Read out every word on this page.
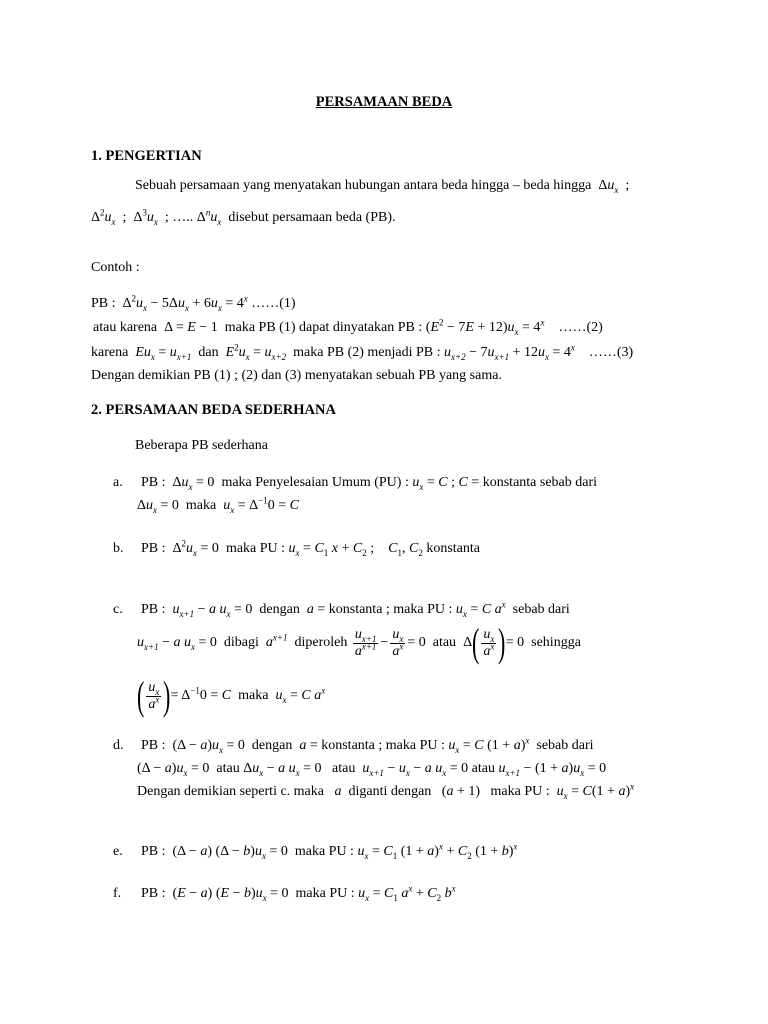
PERSAMAAN BEDA
1. PENGERTIAN
Sebuah persamaan yang menyatakan hubungan antara beda hingga – beda hingga  $\Delta u_x$  ;
$\Delta^2u_x$  ;  $\Delta^3u_x$  ; ….. $\Delta^nu_x$ disebut persamaan beda (PB).
Contoh :
PB :  $\Delta^2u_x - 5\Delta u_x + 6u_x = 4^x$ ……(1)
atau karena  Δ = E − 1  maka PB (1) dapat dinyatakan PB : $(E^2 - 7E + 12)u_x = 4^x$ ……(2)
karena $Eu_x = u_{x+1}$ dan $E^2u_x = u_{x+2}$ maka PB (2) menjadi PB : $u_{x+2} - 7u_{x+1} + 12u_x = 4^x$ ……(3)
Dengan demikian PB (1) ; (2) dan (3) menyatakan sebuah PB yang sama.
2. PERSAMAAN BEDA SEDERHANA
Beberapa PB sederhana
a. PB :  $\Delta u_x = 0$  maka Penyelesaian Umum (PU) : $u_x = C$ ; C = konstanta sebab dari
$\Delta u_x = 0$  maka $u_x = \Delta^{-1}0 = C$
b. PB :  $\Delta^2u_x = 0$  maka PU : $u_x = C_1$ $x + C_2$ ;    $C_1$, $C_2$ konstanta
c. PB : $u_{x+1} - a$ $u_x = 0$  dengan a = konstanta ; maka PU : $u_x = C$ $a^x$ sebab dari
$u_{x+1} - a$ $u_x = 0$  dibagi $a^{x+1}$ diperoleh $\frac{u_{x+1}}{a^{x+1}} - \frac{u_x}{a^x} = 0$  atau  $\Delta( \frac{u_x}{a^x}$ )= 0  sehingga
( $\frac{u_x}{a^x}$ )= $\Delta^{-1}0 = C$ maka $u_x = C$ $a^x$
d. PB :  $(\Delta - a)u_x = 0$  dengan a = konstanta ; maka PU : $u_x = C$ $(1 + a)^x$ sebab dari
$(\Delta - a)u_x = 0$  atau $\Delta u_x - a$ $u_x = 0$   atau $u_{x+1} - u_x - a$ $u_x = 0$ atau $u_{x+1} - (1 + a)u_x = 0$
Dengan demikian seperti c. maka a diganti dengan   (a + 1)   maka PU : $u_x = C(1 + a)^x$
e. PB :  (Δ − a) $(\Delta - b)u_x = 0$  maka PU : $u_x = C_1$ $(1 + a)^x + C_2$ $(1 + b)^x$
f. PB :  (E − a) $(E - b)u_x = 0$  maka PU : $u_x = C_1$ $a^x + C_2$ $b^x$
